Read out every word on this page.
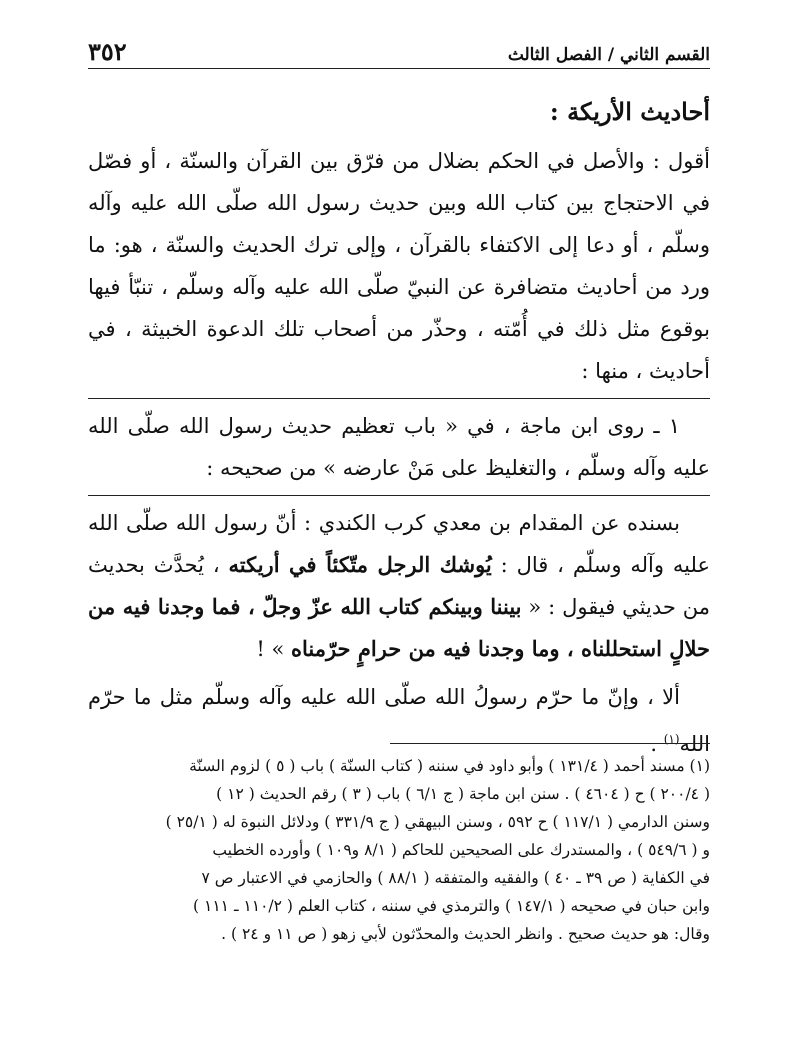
القسم الثاني / الفصل الثالث
٣٥٢
أحاديث الأريكة :

أقول : والأصل في الحكم بضلال من فرّق بين القرآن والسنّة ، أو فصّل في الاحتجاج بين كتاب الله وبين حديث رسول الله صلّى الله عليه وآله وسلّم ، أو دعا إلى الاكتفاء بالقرآن ، وإلى ترك الحديث والسنّة ، هو: ما ورد من أحاديث متضافرة عن النبيّ صلّى الله عليه وآله وسلّم ، تنبّأ فيها بوقوع مثل ذلك في أُمّته ، وحذّر من أصحاب تلك الدعوة الخبيثة ، في أحاديث ، منها :

١ ـ روى ابن ماجة ، في « باب تعظيم حديث رسول الله صلّى الله عليه وآله وسلّم ، والتغليظ على مَنْ عارضه » من صحيحه :

بسنده عن المقدام بن معدي كرب الكندي : أنّ رسول الله صلّى الله عليه وآله وسلّم ، قال : يُوشك الرجل متّكئاً في أريكته ، يُحدَّث بحديث من حديثي فيقول : « بيننا وبينكم كتاب الله عزّ وجلّ ، فما وجدنا فيه من حلالٍ استحللناه ، وما وجدنا فيه من حرامٍ حرّمناه » !

ألا ، وإنّ ما حرّم رسولُ الله صلّى الله عليه وآله وسلّم مثل ما حرّم الله$^{(١)}$ .

(١) مسند أحمد ( ١٣١/٤ ) وأبو داود في سننه ( كتاب السنّة ) باب ( ٥ ) لزوم السنّة
( ٢٠٠/٤ ) ح ( ٤٦٠٤ ) . سنن ابن ماجة ( ج ٦/١ ) باب ( ٣ ) رقم الحديث ( ١٢ )
وسنن الدارمي ( ١١٧/١ ) ح ٥٩٢ ، وسنن البيهقي ( ج ٣٣١/٩ ) ودلائل النبوة له ( ٢٥/١ )
و ( ٥٤٩/٦ ) ، والمستدرك على الصحيحين للحاكم ( ٨/١ و١٠٩ ) وأورده الخطيب
في الكفاية ( ص ٣٩ ـ ٤٠ ) والفقيه والمتفقه ( ٨٨/١ ) والحازمي في الاعتبار ص ٧
وابن حبان في صحيحه ( ١٤٧/١ ) والترمذي في سننه ، كتاب العلم ( ١١٠/٢ ـ ١١١ )
وقال: هو حديث صحيح . وانظر الحديث والمحدّثون لأبي زهو ( ص ١١ و ٢٤ ) .
